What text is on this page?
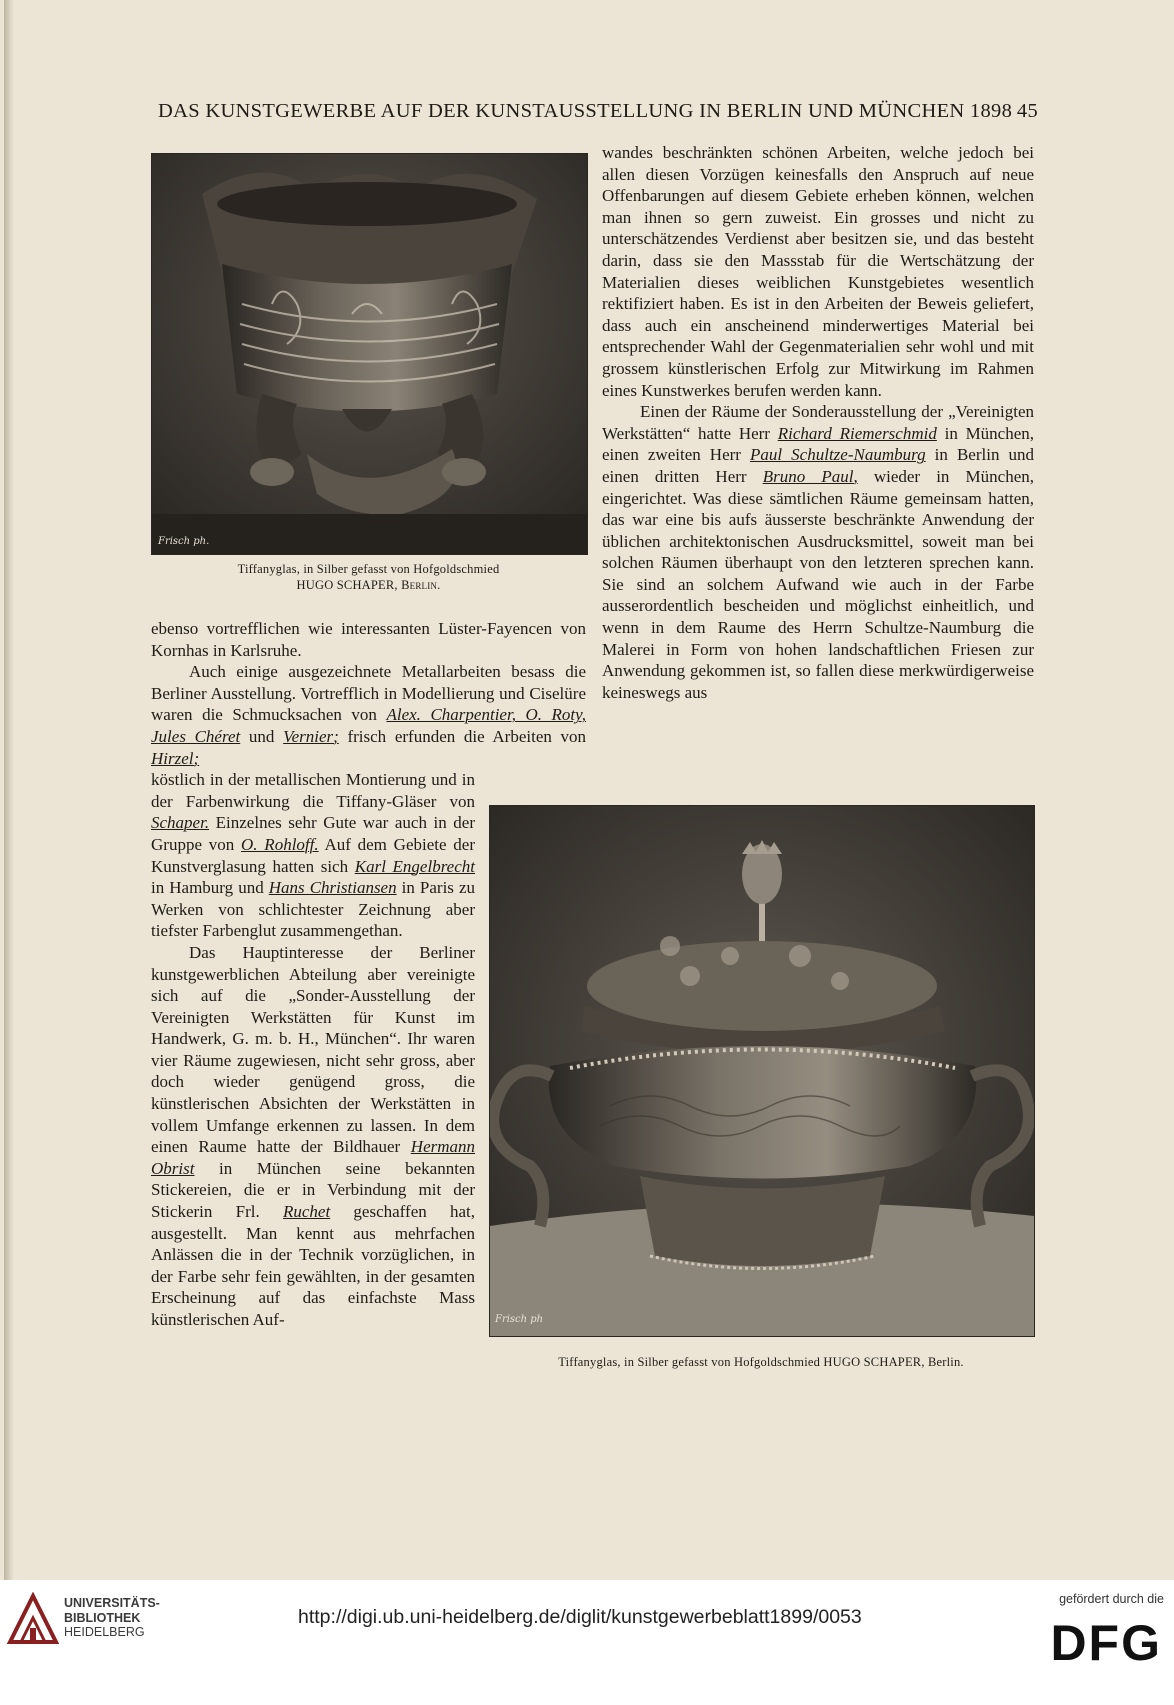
DAS KUNSTGEWERBE AUF DER KUNSTAUSSTELLUNG IN BERLIN UND MÜNCHEN 1898 45
Frisch ph.
Tiffanyglas, in Silber gefasst von Hofgoldschmied
HUGO SCHAPER, Berlin.

wandes beschränkten schönen Arbeiten, welche jedoch bei allen diesen Vorzügen keinesfalls den Anspruch auf neue Offenbarungen auf diesem Gebiete erheben können, welchen man ihnen so gern zuweist. Ein grosses und nicht zu unterschätzendes Verdienst aber besitzen sie, und das besteht darin, dass sie den Massstab für die Wertschätzung der Materialien dieses weiblichen Kunstgebietes wesentlich rektifiziert haben. Es ist in den Arbeiten der Beweis geliefert, dass auch ein anscheinend minderwertiges Material bei entsprechender Wahl der Gegenmaterialien sehr wohl und mit grossem künstlerischen Erfolg zur Mitwirkung im Rahmen eines Kunstwerkes berufen werden kann.

Einen der Räume der Sonderausstellung der „Vereinigten Werkstätten“ hatte Herr Richard Riemerschmid in München, einen zweiten Herr Paul Schultze-Naumburg in Berlin und einen dritten Herr Bruno Paul, wieder in München, eingerichtet. Was diese sämtlichen Räume gemeinsam hatten, das war eine bis aufs äusserste beschränkte Anwendung der üblichen architektonischen Ausdrucksmittel, soweit man bei solchen Räumen überhaupt von den letzteren sprechen kann. Sie sind an solchem Aufwand wie auch in der Farbe ausserordentlich bescheiden und möglichst einheitlich, und wenn in dem Raume des Herrn Schultze-Naumburg die Malerei in Form von hohen landschaftlichen Friesen zur Anwendung gekommen ist, so fallen diese merkwürdigerweise keineswegs aus

Frisch ph
Tiffanyglas, in Silber gefasst von Hofgoldschmied HUGO SCHAPER, Berlin.

ebenso vortrefflichen wie interessanten Lüster-Fayencen von Kornhas in Karlsruhe.

Auch einige ausgezeichnete Metallarbeiten besass die Berliner Ausstellung. Vortrefflich in Modellierung und Ciselüre waren die Schmucksachen von Alex. Charpentier, O. Roty, Jules Chéret und Vernier; frisch erfunden die Arbeiten von Hirzel;

köstlich in der metallischen Montierung und in der Farbenwirkung die Tiffany-Gläser von Schaper. Einzelnes sehr Gute war auch in der Gruppe von O. Rohloff. Auf dem Gebiete der Kunstverglasung hatten sich Karl Engelbrecht in Hamburg und Hans Christiansen in Paris zu Werken von schlichtester Zeichnung aber tiefster Farbenglut zusammengethan.

Das Hauptinteresse der Berliner kunstgewerblichen Abteilung aber vereinigte sich auf die „Sonder-Ausstellung der Vereinigten Werkstätten für Kunst im Handwerk, G. m. b. H., München“. Ihr waren vier Räume zugewiesen, nicht sehr gross, aber doch wieder genügend gross, die künstlerischen Absichten der Werkstätten in vollem Umfange erkennen zu lassen. In dem einen Raume hatte der Bildhauer Hermann Obrist in München seine bekannten Stickereien, die er in Verbindung mit der Stickerin Frl. Ruchet geschaffen hat, ausgestellt. Man kennt aus mehrfachen Anlässen die in der Technik vorzüglichen, in der Farbe sehr fein gewählten, in der gesamten Erscheinung auf das einfachste Mass künstlerischen Auf-

UNIVERSITÄTS-
BIBLIOTHEK
HEIDELBERG
http://digi.ub.uni-heidelberg.de/diglit/kunstgewerbeblatt1899/0053
gefördert durch die
DFG
